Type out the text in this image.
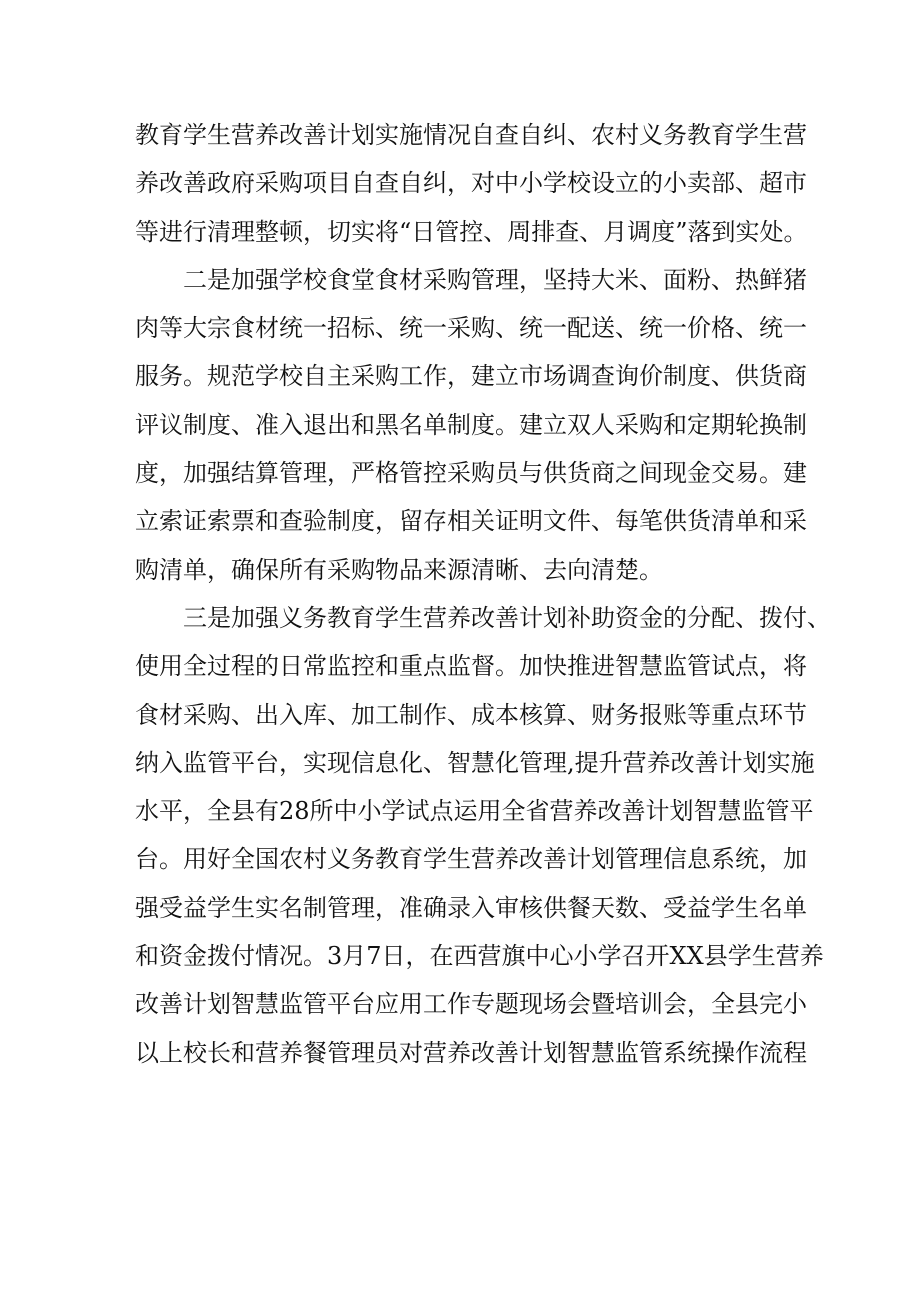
教育学生营养改善计划实施情况自查自纠、农村义务教育学生营
养改善政府采购项目自查自纠，对中小学校设立的小卖部、超市
等进行清理整顿，切实将“日管控、周排查、月调度”落到实处。
二是加强学校食堂食材采购管理，坚持大米、面粉、热鲜猪
肉等大宗食材统一招标、统一采购、统一配送、统一价格、统一
服务。规范学校自主采购工作，建立市场调查询价制度、供货商
评议制度、准入退出和黑名单制度。建立双人采购和定期轮换制
度，加强结算管理，严格管控采购员与供货商之间现金交易。建
立索证索票和查验制度，留存相关证明文件、每笔供货清单和采
购清单，确保所有采购物品来源清晰、去向清楚。
三是加强义务教育学生营养改善计划补助资金的分配、拨付、
使用全过程的日常监控和重点监督。加快推进智慧监管试点，将
食材采购、出入库、加工制作、成本核算、财务报账等重点环节
纳入监管平台，实现信息化、智慧化管理,提升营养改善计划实施
水平，全县有28所中小学试点运用全省营养改善计划智慧监管平
台。用好全国农村义务教育学生营养改善计划管理信息系统，加
强受益学生实名制管理，准确录入审核供餐天数、受益学生名单
和资金拨付情况。3月7日，在西营旗中心小学召开XX县学生营养
改善计划智慧监管平台应用工作专题现场会暨培训会，全县完小
以上校长和营养餐管理员对营养改善计划智慧监管系统操作流程
